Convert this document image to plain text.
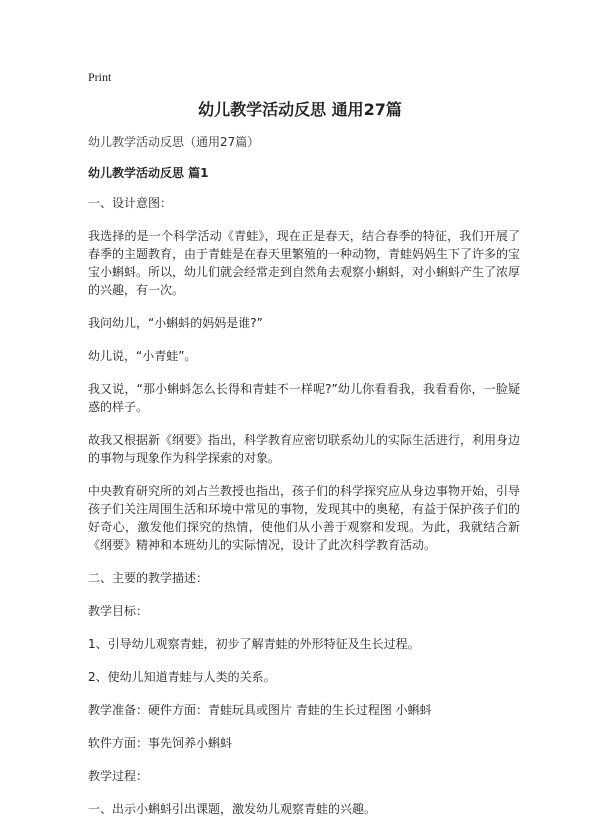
Print
幼儿教学活动反思 通用27篇

幼儿教学活动反思（通用27篇）

幼儿教学活动反思 篇1

一、设计意图：

我选择的是一个科学活动《青蛙》，现在正是春天，结合春季的特征，我们开展了春季的主题教育，由于青蛙是在春天里繁殖的一种动物，青蛙妈妈生下了许多的宝宝小蝌蚪。所以，幼儿们就会经常走到自然角去观察小蝌蚪，对小蝌蚪产生了浓厚的兴趣，有一次。

我问幼儿，“小蝌蚪的妈妈是谁?”

幼儿说，“小青蛙”。

我又说，“那小蝌蚪怎么长得和青蛙不一样呢?”幼儿你看看我，我看看你，一脸疑惑的样子。

故我又根据新《纲要》指出，科学教育应密切联系幼儿的实际生活进行，利用身边的事物与现象作为科学探索的对象。

中央教育研究所的刘占兰教授也指出，孩子们的科学探究应从身边事物开始，引导孩子们关注周围生活和环境中常见的事物，发现其中的奥秘，有益于保护孩子们的好奇心，激发他们探究的热情，使他们从小善于观察和发现。为此，我就结合新《纲要》精神和本班幼儿的实际情况，设计了此次科学教育活动。

二、主要的教学描述：

教学目标：

1、引导幼儿观察青蛙，初步了解青蛙的外形特征及生长过程。

2、使幼儿知道青蛙与人类的关系。

教学准备：硬件方面：青蛙玩具或图片 青蛙的生长过程图 小蝌蚪

软件方面：事先饲养小蝌蚪

教学过程：

一、出示小蝌蚪引出课题，激发幼儿观察青蛙的兴趣。
